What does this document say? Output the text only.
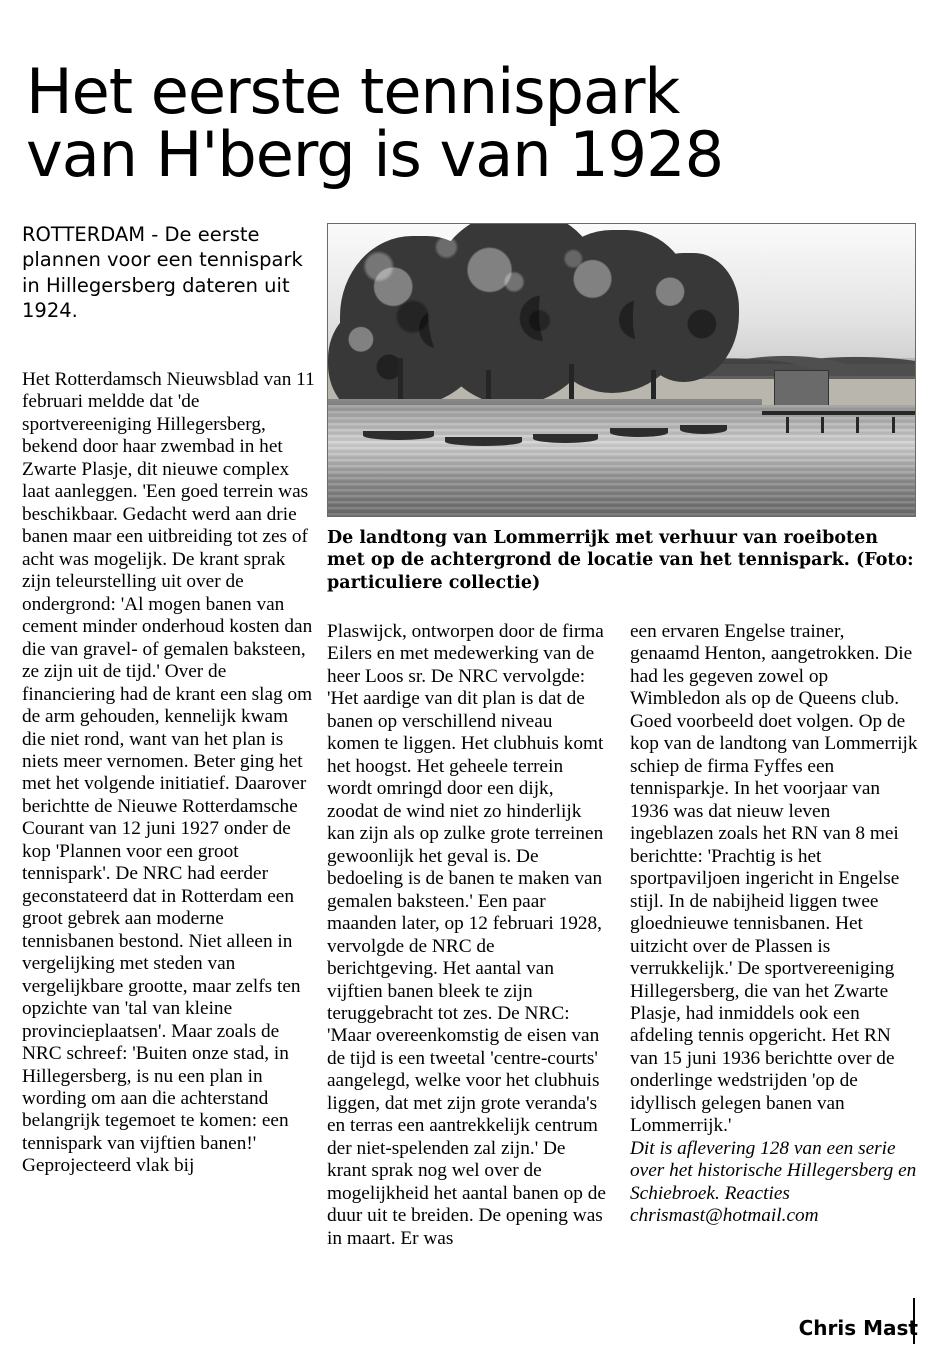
Het eerste tennispark
van H'berg is van 1928
ROTTERDAM - De eerste plannen voor een tennispark in Hillegersberg dateren uit 1924.
De landtong van Lommerrijk met verhuur van roeiboten met op de achtergrond de locatie van het tennispark. (Foto: particuliere collectie)

Het Rotterdamsch Nieuwsblad van 11 februari meldde dat 'de sportvereeniging Hillegersberg, bekend door haar zwembad in het Zwarte Plasje, dit nieuwe complex laat aanleggen. 'Een goed terrein was beschikbaar. Gedacht werd aan drie banen maar een uitbreiding tot zes of acht was mogelijk. De krant sprak zijn teleurstelling uit over de ondergrond: 'Al mogen banen van cement minder onderhoud kosten dan die van gravel- of gemalen baksteen, ze zijn uit de tijd.' Over de financiering had de krant een slag om de arm gehouden, kennelijk kwam die niet rond, want van het plan is niets meer vernomen. Beter ging het met het volgende initiatief. Daarover berichtte de Nieuwe Rotterdamsche Courant van 12 juni 1927 onder de kop 'Plannen voor een groot tennispark'. De NRC had eerder geconstateerd dat in Rotterdam een groot gebrek aan moderne tennisbanen bestond. Niet alleen in vergelijking met steden van vergelijkbare grootte, maar zelfs ten opzichte van 'tal van kleine provincieplaatsen'. Maar zoals de NRC schreef: 'Buiten onze stad, in Hillegersberg, is nu een plan in wording om aan die achterstand belangrijk tegemoet te komen: een tennispark van vijftien banen!' Geprojecteerd vlak bij

Plaswijck, ontworpen door de firma Eilers en met medewerking van de heer Loos sr. De NRC vervolgde: 'Het aardige van dit plan is dat de banen op verschillend niveau komen te liggen. Het clubhuis komt het hoogst. Het geheele terrein wordt omringd door een dijk, zoodat de wind niet zo hinderlijk kan zijn als op zulke grote terreinen gewoonlijk het geval is. De bedoeling is de banen te maken van gemalen baksteen.' Een paar maanden later, op 12 februari 1928, vervolgde de NRC de berichtgeving. Het aantal van vijftien banen bleek te zijn teruggebracht tot zes. De NRC: 'Maar overeenkomstig de eisen van de tijd is een tweetal 'centre-courts' aangelegd, welke voor het clubhuis liggen, dat met zijn grote veranda's en terras een aantrekkelijk centrum der niet-spelenden zal zijn.' De krant sprak nog wel over de mogelijkheid het aantal banen op de duur uit te breiden. De opening was in maart. Er was

een ervaren Engelse trainer, genaamd Henton, aangetrokken. Die had les gegeven zowel op Wimbledon als op de Queens club. Goed voorbeeld doet volgen. Op de kop van de landtong van Lommerrijk schiep de firma Fyffes een tennisparkje. In het voorjaar van 1936 was dat nieuw leven ingeblazen zoals het RN van 8 mei berichtte: 'Prachtig is het sportpaviljoen ingericht in Engelse stijl. In de nabijheid liggen twee gloednieuwe tennisbanen. Het uitzicht over de Plassen is verrukkelijk.' De sportvereeniging Hillegersberg, die van het Zwarte Plasje, had inmiddels ook een afdeling tennis opgericht. Het RN van 15 juni 1936 berichtte over de onderlinge wedstrijden 'op de idyllisch gelegen banen van Lommerrijk.'

Dit is aflevering 128 van een serie over het historische Hillegersberg en Schiebroek. Reacties chrismast@hotmail.com

Chris Mast
